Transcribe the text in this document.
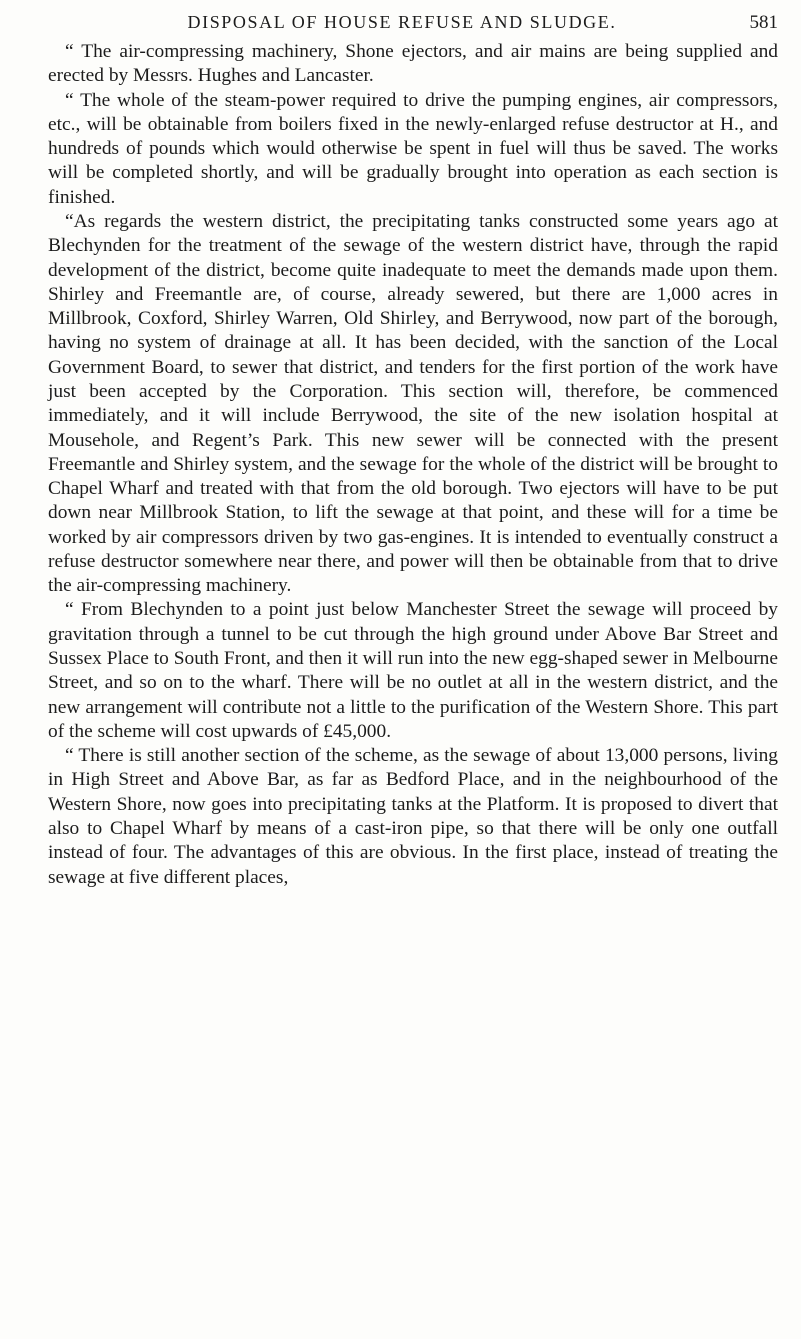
DISPOSAL OF HOUSE REFUSE AND SLUDGE.	581

“ The air-compressing machinery, Shone ejectors, and air mains are being supplied and erected by Messrs. Hughes and Lancaster.

“ The whole of the steam-power required to drive the pumping engines, air compressors, etc., will be obtainable from boilers fixed in the newly-enlarged refuse destructor at H., and hundreds of pounds which would otherwise be spent in fuel will thus be saved. The works will be completed shortly, and will be gradually brought into operation as each section is finished.

“As regards the western district, the precipitating tanks constructed some years ago at Blechynden for the treatment of the sewage of the western district have, through the rapid development of the district, become quite inadequate to meet the demands made upon them. Shirley and Freemantle are, of course, already sewered, but there are 1,000 acres in Millbrook, Coxford, Shirley Warren, Old Shirley, and Berrywood, now part of the borough, having no system of drainage at all. It has been decided, with the sanction of the Local Government Board, to sewer that district, and tenders for the first portion of the work have just been accepted by the Corporation. This section will, therefore, be commenced immediately, and it will include Berrywood, the site of the new isolation hospital at Mousehole, and Regent’s Park. This new sewer will be connected with the present Freemantle and Shirley system, and the sewage for the whole of the district will be brought to Chapel Wharf and treated with that from the old borough. Two ejectors will have to be put down near Millbrook Station, to lift the sewage at that point, and these will for a time be worked by air compressors driven by two gas-engines. It is intended to eventually construct a refuse destructor somewhere near there, and power will then be obtainable from that to drive the air-compressing machinery.

“ From Blechynden to a point just below Manchester Street the sewage will proceed by gravitation through a tunnel to be cut through the high ground under Above Bar Street and Sussex Place to South Front, and then it will run into the new egg-shaped sewer in Melbourne Street, and so on to the wharf. There will be no outlet at all in the western district, and the new arrangement will contribute not a little to the purification of the Western Shore. This part of the scheme will cost upwards of £45,000.

“ There is still another section of the scheme, as the sewage of about 13,000 persons, living in High Street and Above Bar, as far as Bedford Place, and in the neighbourhood of the Western Shore, now goes into precipitating tanks at the Platform. It is proposed to divert that also to Chapel Wharf by means of a cast-iron pipe, so that there will be only one outfall instead of four. The advantages of this are obvious. In the first place, instead of treating the sewage at five different places,
